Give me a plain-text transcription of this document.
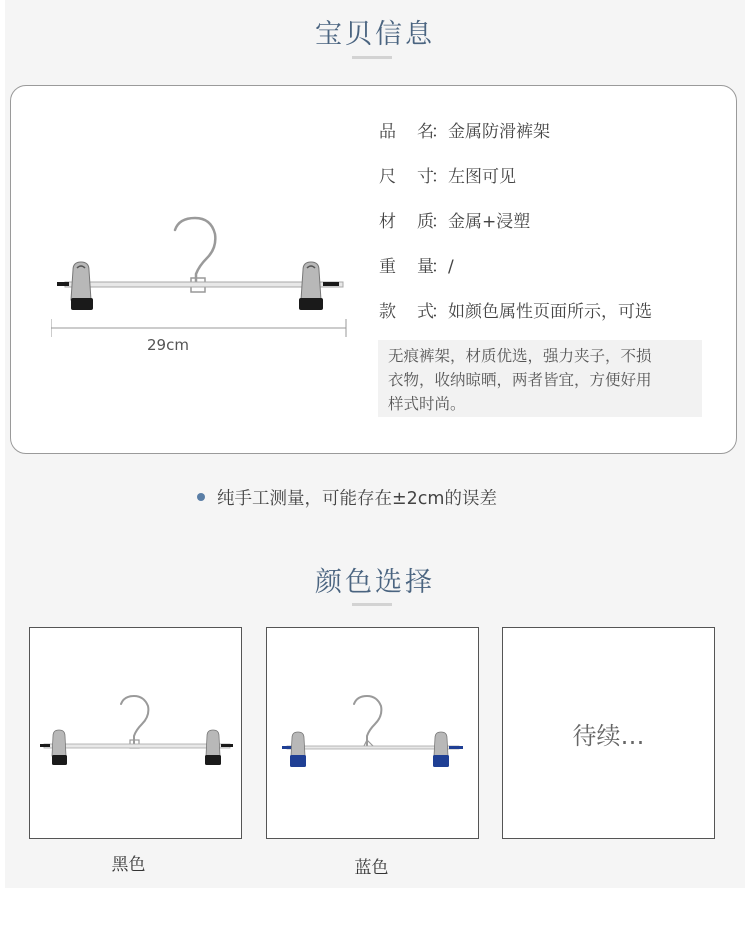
宝贝信息
29cm
品 名：金属防滑裤架
尺 寸：左图可见
材 质：金属+浸塑
重 量：/
款 式：如颜色属性页面所示，可选
无痕裤架，材质优选，强力夹子，不损
衣物，收纳晾晒，两者皆宜，方便好用
样式时尚。
纯手工测量，可能存在±2cm的误差
颜色选择
黑色	蓝色
待续…
